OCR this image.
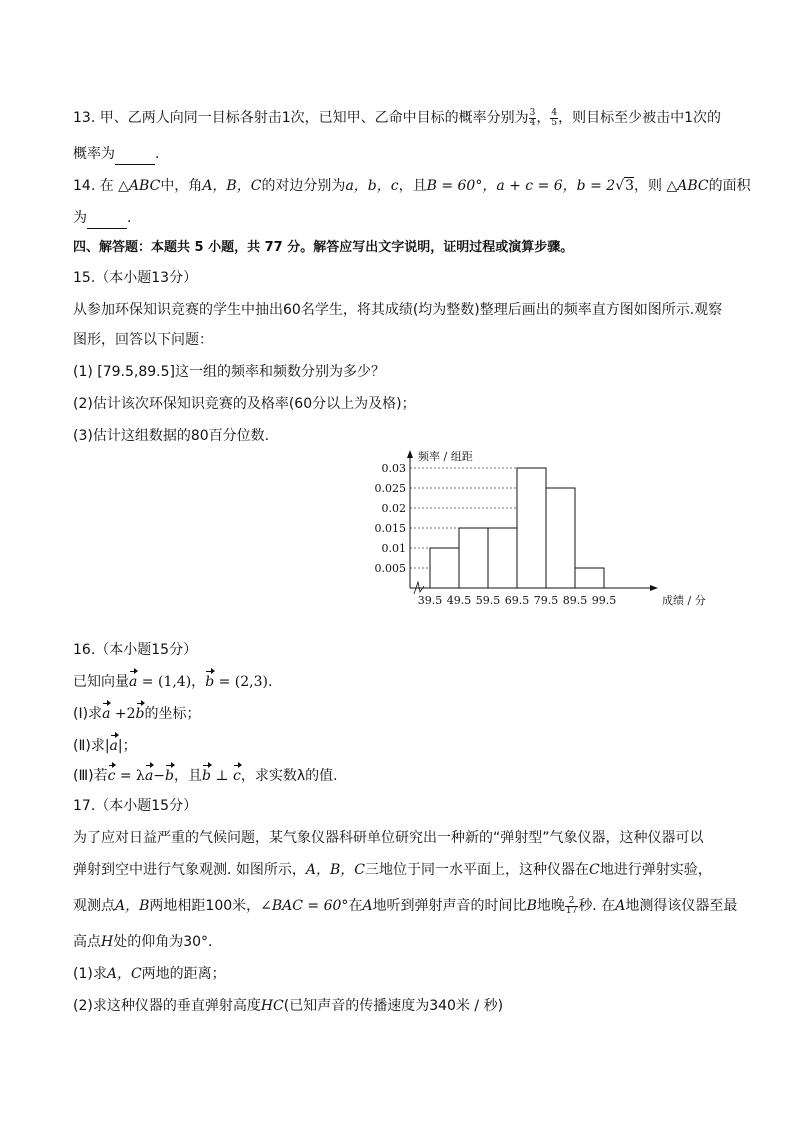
13. 甲、乙两人向同一目标各射击1次，已知甲、乙命中目标的概率分别为 $\frac{3}{4}$ ， $\frac{4}{5}$ ，则目标至少被击中1次的
概率为	.
14. 在 △ABC中，角A，B，C的对边分别为a，b，c，且B = 60°，a + c = 6，b = 2√3，则 △ABC的面积
为	.
四、解答题：本题共 5 小题，共 77 分。解答应写出文字说明，证明过程或演算步骤。
15.（本小题13分）
从参加环保知识竞赛的学生中抽出60名学生，将其成绩(均为整数)整理后画出的频率直方图如图所示.观察
图形，回答以下问题：
(1) [79.5,89.5]这一组的频率和频数分别为多少？
(2)估计该次环保知识竞赛的及格率(60分以上为及格)；
(3)估计这组数据的80百分位数.
0.03
0.025
0.02
0.015
0.01
0.005
39.5 49.5 59.5 69.5 79.5 89.5 99.5
频率 / 组距
成绩 / 分
16.（本小题15分）
已知向量a = (1,4)，b = (2,3).
(Ⅰ)求a +2b的坐标；
(Ⅱ)求|a|；
(Ⅲ)若c = λa−b，且b ⊥ c，求实数λ的值.
17.（本小题15分）
为了应对日益严重的气候问题，某气象仪器科研单位研究出一种新的“弹射型”气象仪器，这种仪器可以
弹射到空中进行气象观测. 如图所示，A，B，C三地位于同一水平面上，这种仪器在C地进行弹射实验，
观测点A，B两地相距100米，∠BAC = 60°在A地听到弹射声音的时间比B地晚 $\frac{2}{17}$ 秒. 在A地测得该仪器至最
高点H处的仰角为30°.
(1)求A，C两地的距离；
(2)求这种仪器的垂直弹射高度HC(已知声音的传播速度为340米 / 秒)
